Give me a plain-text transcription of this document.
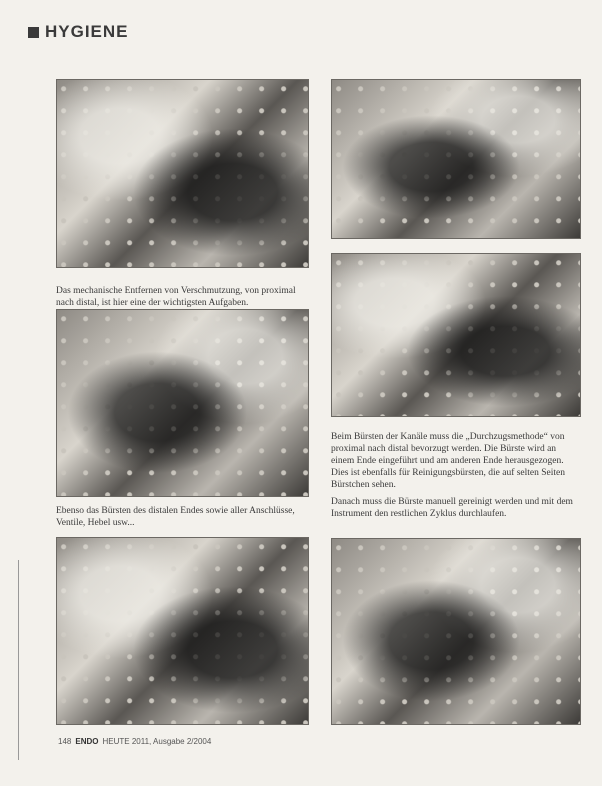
HYGIENE

Das mechanische Entfernen von Verschmutzung, von proximal nach distal, ist hier eine der wichtigsten Aufgaben.

Beim Bürsten der Kanäle muss die „Durchzugsmethode“ von proximal nach distal bevorzugt werden. Die Bürste wird an einem Ende eingeführt und am anderen Ende herausgezogen. Dies ist ebenfalls für Reinigungsbürsten, die auf selten Seiten Bürstchen sehen.

Danach muss die Bürste manuell gereinigt werden und mit dem Instrument den restlichen Zyklus durchlaufen.

Ebenso das Bürsten des distalen Endes sowie aller Anschlüsse, Ventile, Hebel usw...

148 ENDO HEUTE 2011, Ausgabe 2/2004
